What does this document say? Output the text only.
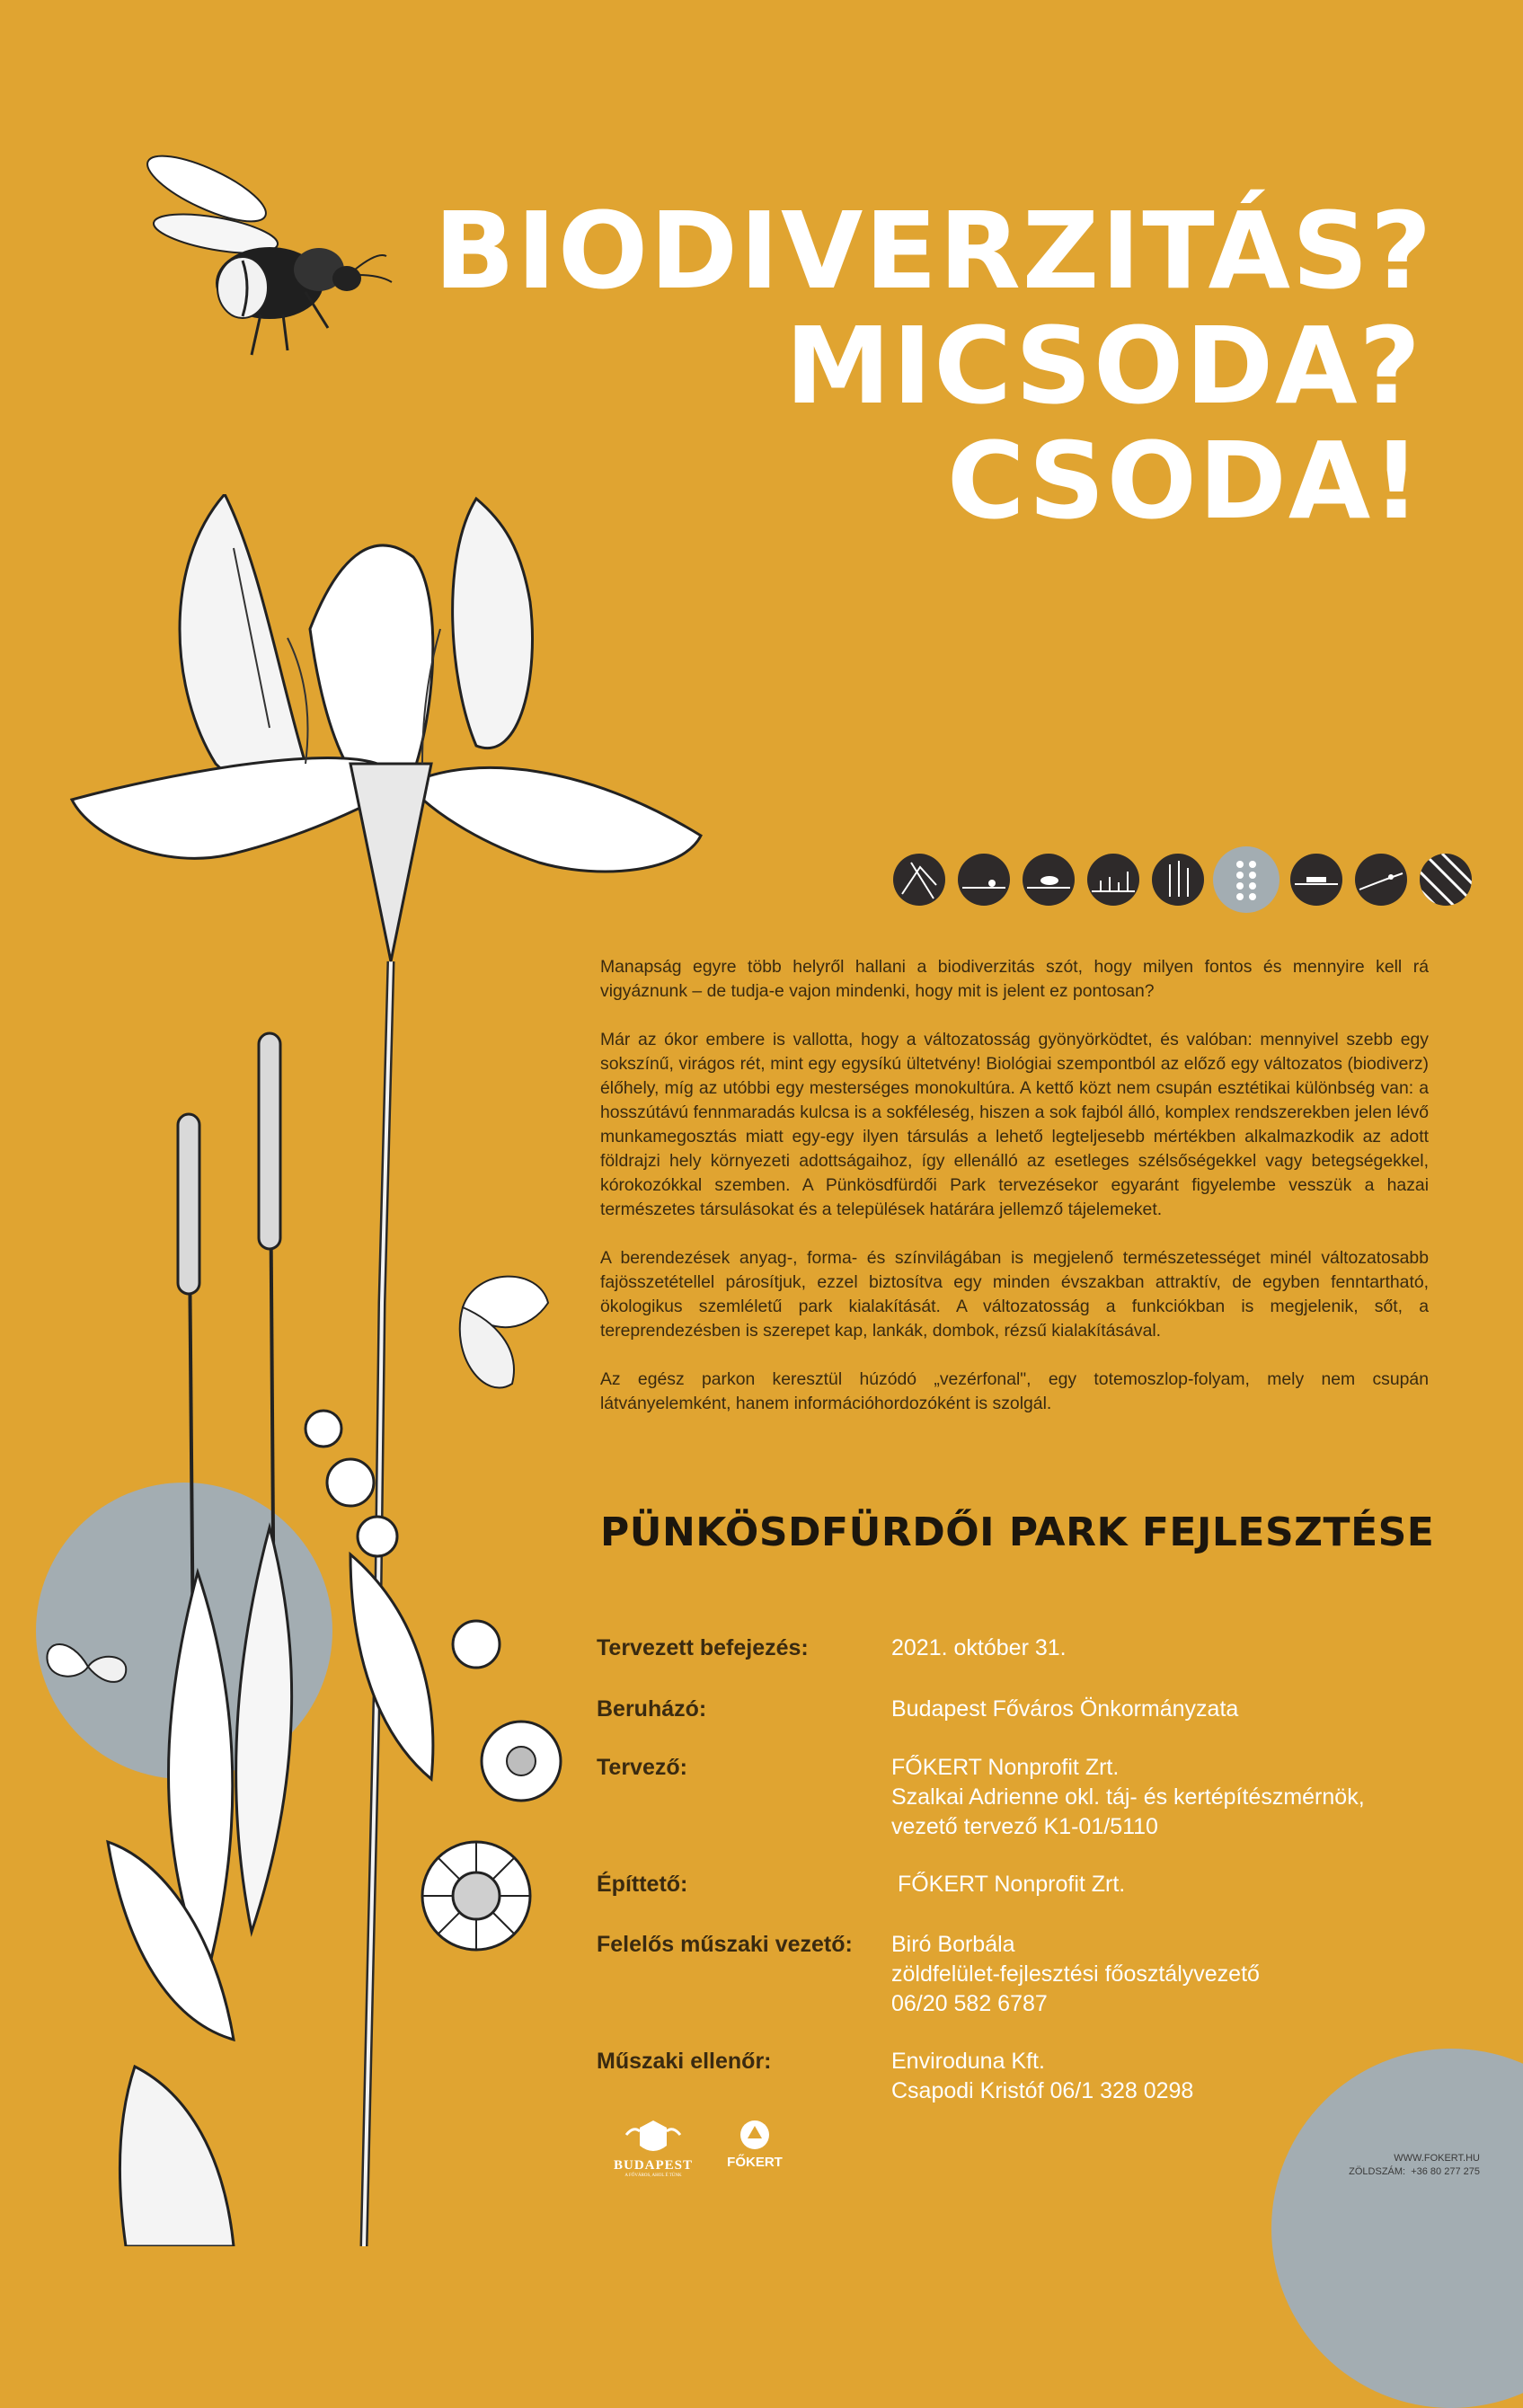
BIODIVERZITÁS?
MICSODA?
CSODA!

Manapság egyre több helyről hallani a biodiverzitás szót, hogy milyen fontos és mennyire kell rá vigyáznunk – de tudja-e vajon mindenki, hogy mit is jelent ez pontosan?

Már az ókor embere is vallotta, hogy a változatosság gyönyörködtet, és valóban: mennyivel szebb egy sokszínű, virágos rét, mint egy egysíkú ültetvény! Biológiai szempontból az előző egy változatos (biodiverz) élőhely, míg az utóbbi egy mesterséges monokultúra. A kettő közt nem csupán esztétikai különbség van: a hosszútávú fennmaradás kulcsa is a sokféleség, hiszen a sok fajból álló, komplex rendszerekben jelen lévő munkamegosztás miatt egy-egy ilyen társulás a lehető legteljesebb mértékben alkalmazkodik az adott földrajzi hely környezeti adottságaihoz, így ellenálló az esetleges szélsőségekkel vagy betegségekkel, kórokozókkal szemben. A Pünkösdfürdői Park tervezésekor egyaránt figyelembe vesszük a hazai természetes társulásokat és a települések határára jellemző tájelemeket.

A berendezések anyag-, forma- és színvilágában is megjelenő természetességet minél változatosabb fajösszetétellel párosítjuk, ezzel biztosítva egy minden évszakban attraktív, de egyben fenntartható, ökologikus szemléletű park kialakítását. A változatosság a funkciókban is megjelenik, sőt, a tereprendezésben is szerepet kap, lankák, dombok, rézsű kialakításával.

Az egész parkon keresztül húzódó „vezérfonal", egy totemoszlop-folyam, mely nem csupán látványelemként, hanem információhordozóként is szolgál.

PÜNKÖSDFÜRDŐI PARK FEJLESZTÉSE
Tervezett befejezés:	2021. október 31.
Beruházó:	Budapest Főváros Önkormányzata
Tervező:	FŐKERT Nonprofit Zrt.
Szalkai Adrienne okl. táj- és kertépítészmérnök,
vezető tervező K1-01/5110
Építtető:	FŐKERT Nonprofit Zrt.
Felelős műszaki vezető:	Biró Borbála
zöldfelület-fejlesztési főosztályvezető
06/20 582 6787
Műszaki ellenőr:	Enviroduna Kft.
Csapodi Kristóf 06/1 328 0298
BUDAPEST
A FŐVÁROS, AHOL É TÜNK
FŐKERT	WWW.FOKERT.HU
ZÖLDSZÁM:  +36 80 277 275
